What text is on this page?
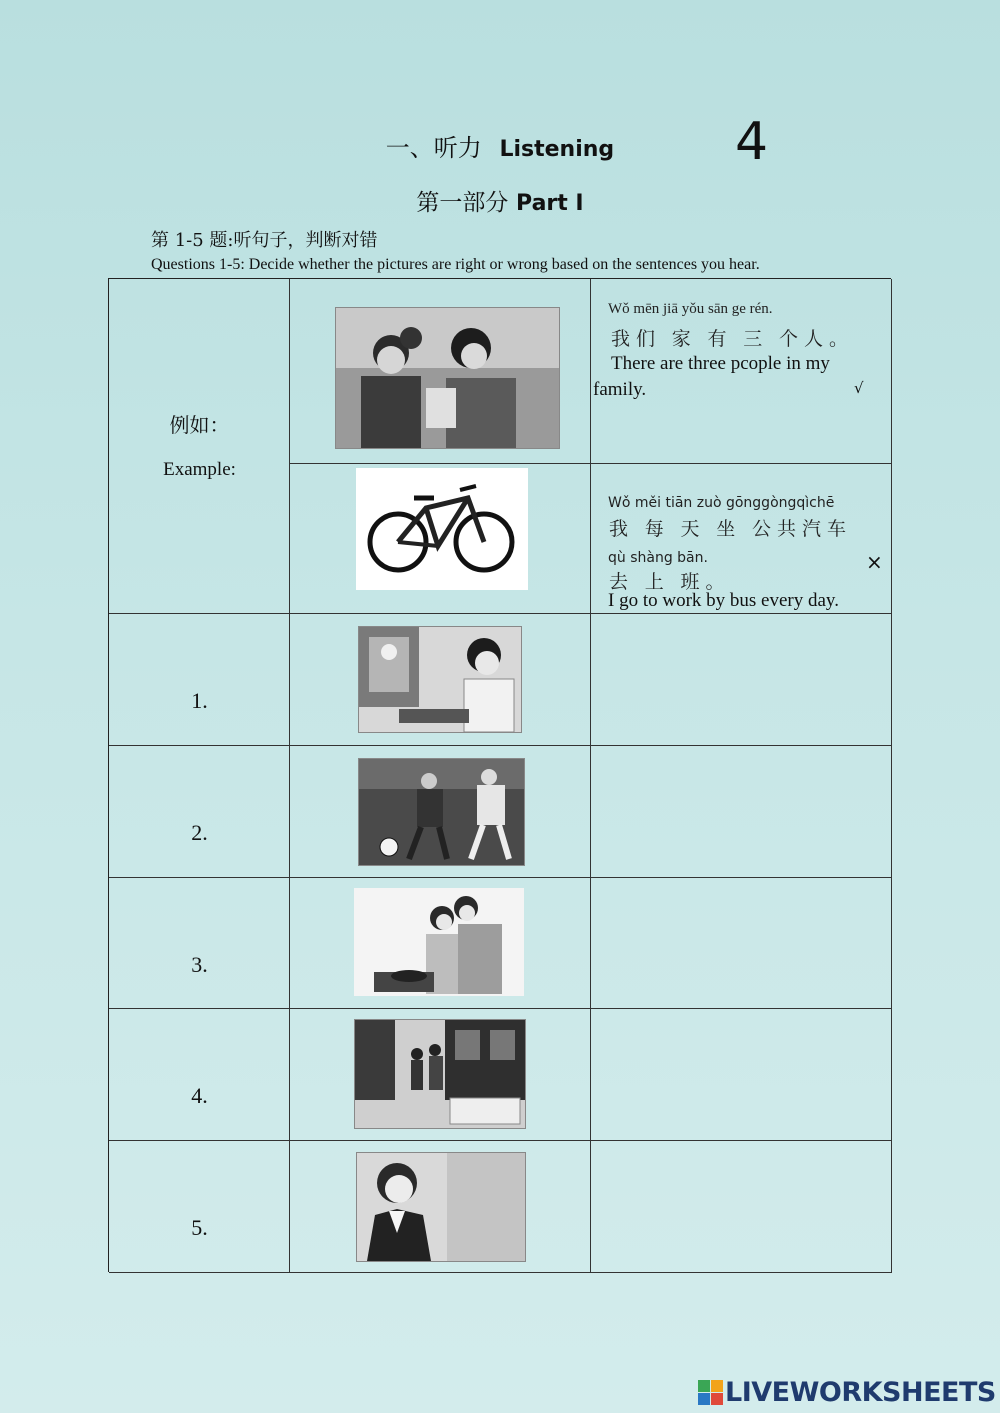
一、听力 Listening	4
第一部分 Part I
第 1-5 题:听句子，判断对错
Questions 1-5: Decide whether the pictures are right or wrong based on the sentences you hear.
例如：
Example:
Wǒ mēn jiā yǒu sān ge rén.
我们 家 有 三 个人。
There are three pcople in my family.	√
Wǒ měi tiān zuò gōnggòngqìchē
我 每 天 坐 公共汽车
qù shàng bān.
去 上 班。
I go to work by bus every day.
×
1.
2.
3.
4.
5.
LIVEWORKSHEETS
